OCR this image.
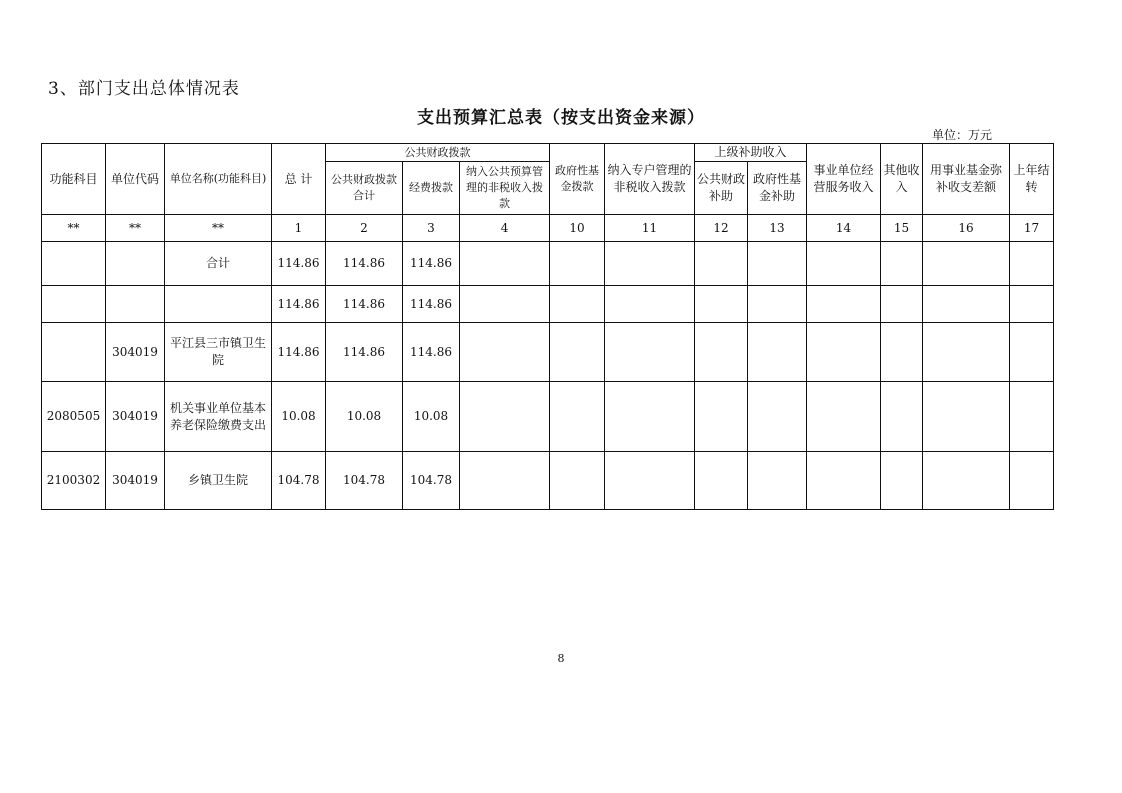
3、部门支出总体情况表
支出预算汇总表（按支出资金来源）
单位：万元
功能科目	单位代码	单位名称(功能科目)	总 计	公共财政拨款			政府性基金拨款	纳入专户管理的非税收入拨款	上级补助收入		事业单位经营服务收入	其他收入	用事业基金弥补收支差额	上年结转
				公共财政拨款合计	经费拨款	纳入公共预算管理的非税收入拨款			公共财政补助	政府性基金补助				
**	**	**	1	2	3	4	10	11	12	13	14	15	16	17
		合计	114.86	114.86	114.86									
			114.86	114.86	114.86									
	304019	平江县三市镇卫生院	114.86	114.86	114.86									
2080505	304019	机关事业单位基本养老保险缴费支出	10.08	10.08	10.08									
2100302	304019	乡镇卫生院	104.78	104.78	104.78									
8
